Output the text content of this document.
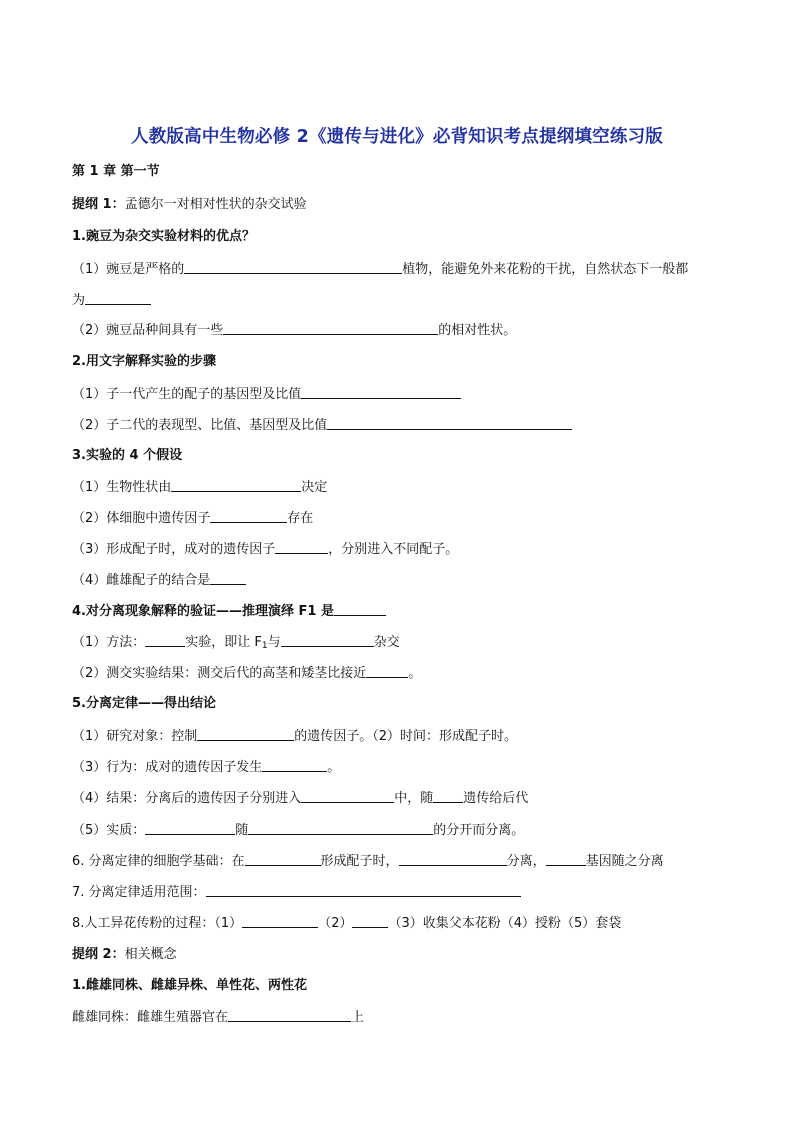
人教版高中生物必修 2《遗传与进化》必背知识考点提纲填空练习版
第 1 章 第一节
提纲 1：孟德尔一对相对性状的杂交试验
1.豌豆为杂交实验材料的优点？
（1）豌豆是严格的	植物，能避免外来花粉的干扰，自然状态下一般都
为
（2）豌豆品种间具有一些	的相对性状。
2.用文字解释实验的步骤
（1）子一代产生的配子的基因型及比值
（2）子二代的表现型、比值、基因型及比值
3.实验的 4 个假设
（1）生物性状由	决定
（2）体细胞中遗传因子	存在
（3）形成配子时，成对的遗传因子	，分别进入不同配子。
（4）雌雄配子的结合是
4.对分离现象解释的验证——推理演绎 F1 是
（1）方法：	实验，即让 $F_1$与	杂交
（2）测交实验结果：测交后代的高茎和矮茎比接近	。
5.分离定律——得出结论
（1）研究对象：控制	的遗传因子。（2）时间：形成配子时。
（3）行为：成对的遗传因子发生	。
（4）结果：分离后的遗传因子分别进入	中，随 遗传给后代
（5）实质：	随	的分开而分离。
6. 分离定律的细胞学基础：在	形成配子时，	分离，	基因随之分离
7. 分离定律适用范围：
8.人工异花传粉的过程：（1）	（2）	（3）收集父本花粉（4）授粉（5）套袋
提纲 2：相关概念
1.雌雄同株、雌雄异株、单性花、两性花
雌雄同株：雌雄生殖器官在	上
